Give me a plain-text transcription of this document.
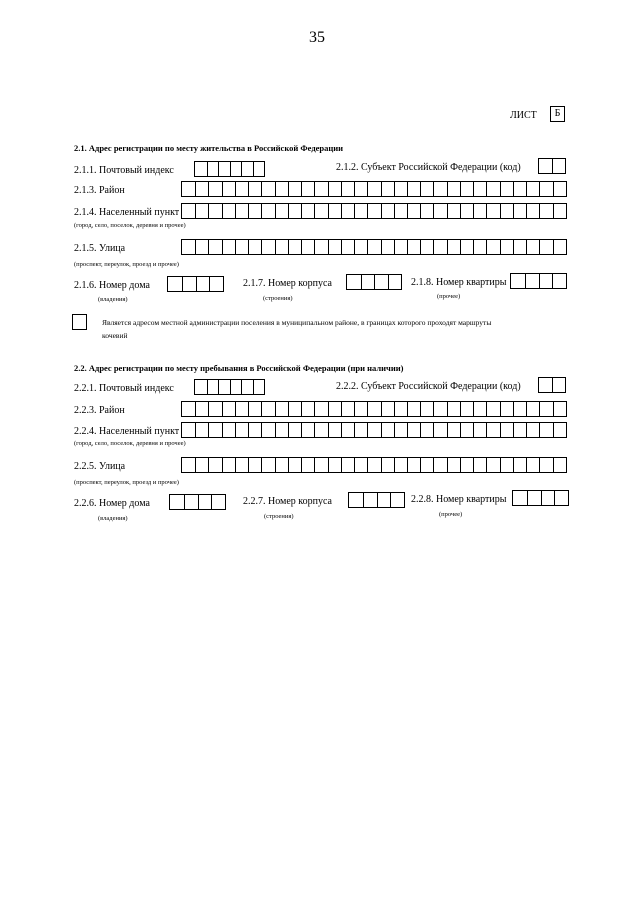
35
ЛИСТ	Б
2.1. Адрес регистрации по месту жительства в Российской Федерации
2.1.1. Почтовый индекс	2.1.2. Субъект Российской Федерации (код)
2.1.3. Район
2.1.4. Населенный пункт
(город, село, поселок, деревня и прочее)
2.1.5. Улица
(проспект, переулок, проезд и прочее)
2.1.6. Номер дома
(владения)
2.1.7. Номер корпуса
(строения)
2.1.8. Номер квартиры
(прочее)
Является адресом местной администрации поселения в муниципальном районе, в границах которого проходят маршруты
кочевий
2.2. Адрес регистрации по месту пребывания в Российской Федерации (при наличии)
2.2.1. Почтовый индекс	2.2.2. Субъект Российской Федерации (код)
2.2.3. Район
2.2.4. Населенный пункт
(город, село, поселок, деревня и прочее)
2.2.5. Улица
(проспект, переулок, проезд и прочее)
2.2.6. Номер дома
(владения)
2.2.7. Номер корпуса
(строения)
2.2.8. Номер квартиры
(прочее)
